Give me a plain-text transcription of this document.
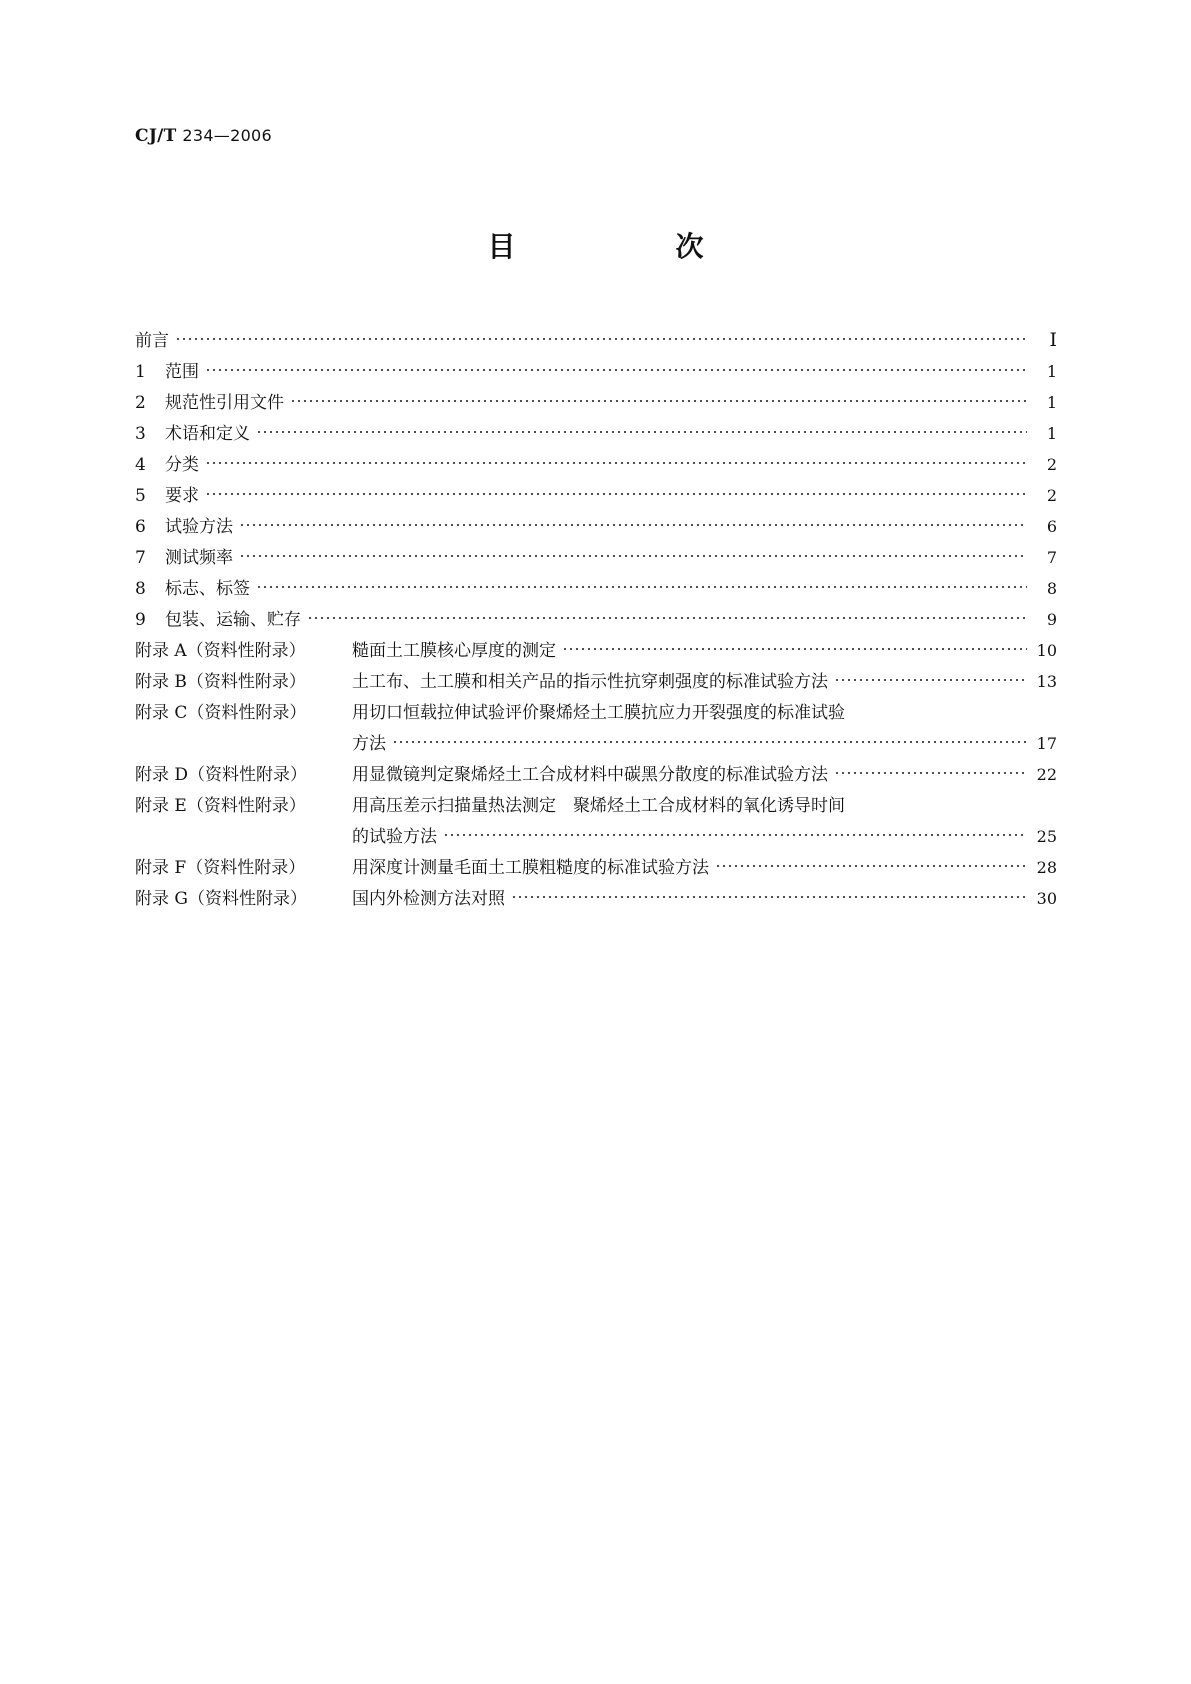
CJ/T 234—2006
目　次
前言	Ⅰ
1	范围	1
2	规范性引用文件	1
3	术语和定义	1
4	分类	2
5	要求	2
6	试验方法	6
7	测试频率	7
8	标志、标签	8
9	包装、运输、贮存	9
附录 A（资料性附录）	糙面土工膜核心厚度的测定	10
附录 B（资料性附录）	土工布、土工膜和相关产品的指示性抗穿刺强度的标准试验方法	13
附录 C（资料性附录）	用切口恒载拉伸试验评价聚烯烃土工膜抗应力开裂强度的标准试验
方法	17
附录 D（资料性附录）	用显微镜判定聚烯烃土工合成材料中碳黑分散度的标准试验方法	22
附录 E（资料性附录）	用高压差示扫描量热法测定　聚烯烃土工合成材料的氧化诱导时间
的试验方法	25
附录 F（资料性附录）	用深度计测量毛面土工膜粗糙度的标准试验方法	28
附录 G（资料性附录）	国内外检测方法对照	30
